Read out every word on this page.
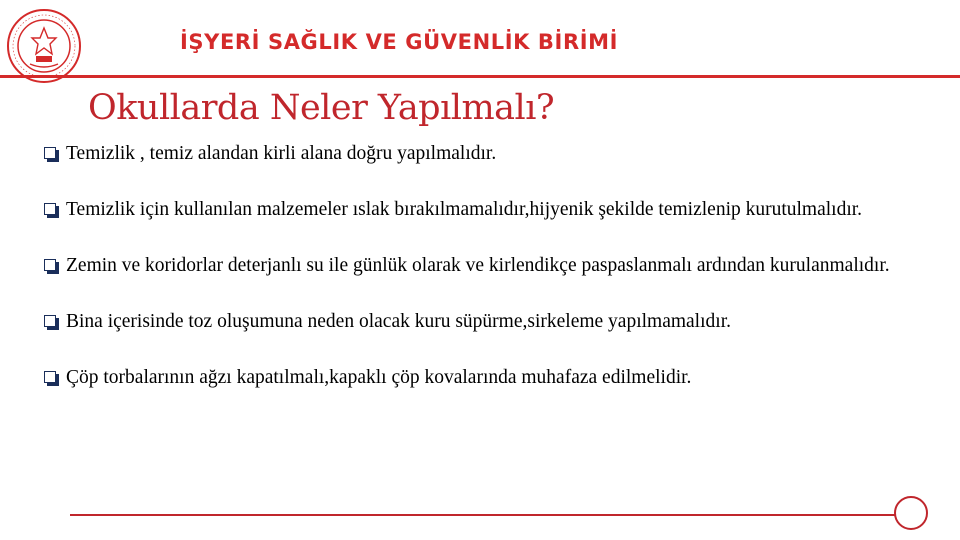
İŞYERİ SAĞLIK VE GÜVENLİK BİRİMİ
Okullarda Neler Yapılmalı?
Temizlik , temiz alandan kirli alana doğru yapılmalıdır.
Temizlik için kullanılan malzemeler ıslak bırakılmamalıdır,hijyenik şekilde temizlenip kurutulmalıdır.
Zemin ve koridorlar deterjanlı su ile günlük olarak ve kirlendikçe paspaslanmalı ardından kurulanmalıdır.
Bina içerisinde toz oluşumuna neden olacak kuru süpürme,sirkeleme yapılmamalıdır.
Çöp torbalarının ağzı kapatılmalı,kapaklı çöp kovalarında muhafaza edilmelidir.
